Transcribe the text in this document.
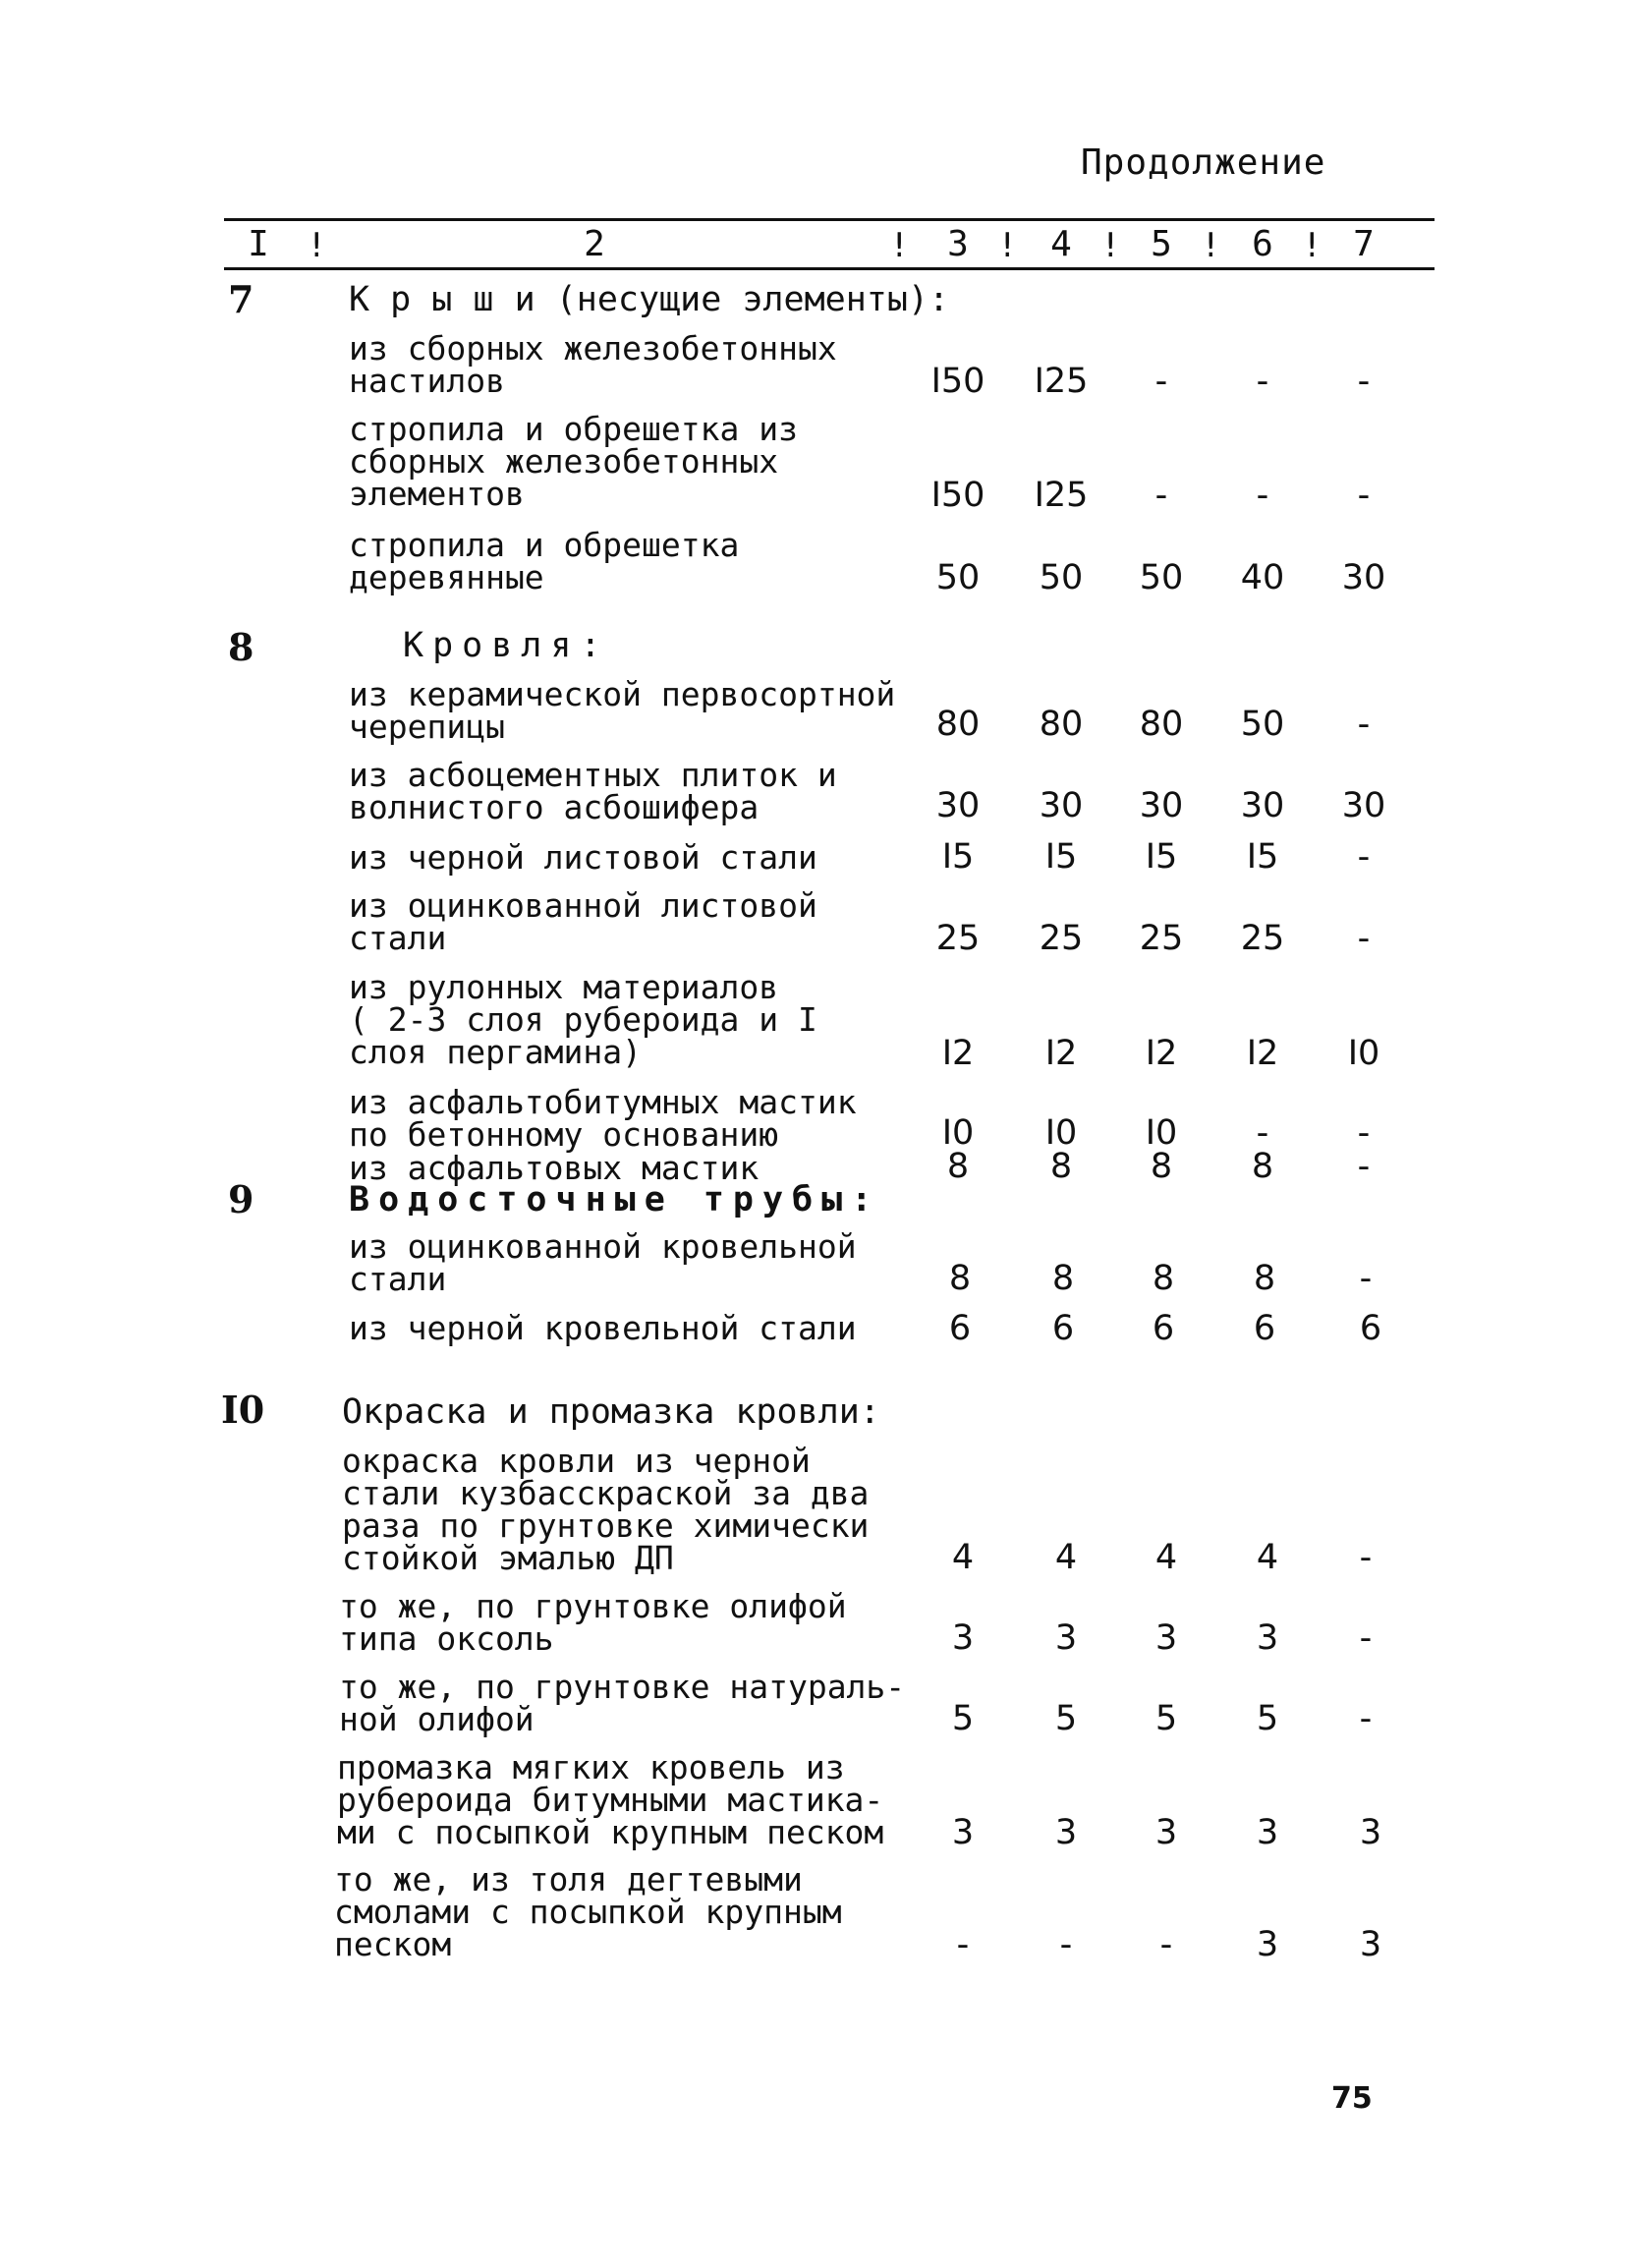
Продолжение
I	2	3 4 5 6 7
!	!	! ! ! !
7	К р ы ш и (несущие элементы):
из сборных железобетонных
настилов	I50	I25	-	-	-
стропила и обрешетка из
сборных железобетонных
элементов	I50	I25	-	-	-
стропила и обрешетка
деревянные	50	50	50	40	30
8	Кровля:
из керамической первосортной
черепицы	80	80	80	50	-
из асбоцементных плиток и
волнистого асбошифера	30	30	30	30	30
из черной листовой стали	I5	I5	I5	I5	-
из оцинкованной листовой
стали	25	25	25	25	-
из рулонных материалов
( 2-3 слоя рубероида и I
слоя пергамина)	I2	I2	I2	I2	I0
из асфальтобитумных мастик
по бетонному основанию	I0	I0	I0	-	-
из асфальтовых мастик	8	8	8	8	-
9	Водосточные трубы:
из оцинкованной кровельной
стали	8	8	8	8	-
из черной кровельной стали	6	6	6	6	6
I0 Окраска и промазка кровли:
окраска кровли из черной
стали кузбасскраской за два
раза по грунтовке химически
стойкой эмалью ДП	4	4	4	4	-
то же, по грунтовке олифой
типа оксоль	3	3	3	3	-
то же, по грунтовке натураль-
ной олифой	5	5	5	5	-
промазка мягких кровель из
рубероида битумными мастика-
ми с посыпкой крупным песком	3	3	3	3	3
то же, из толя дегтевыми
смолами с посыпкой крупным
песком	-	-	-	3	3
75
